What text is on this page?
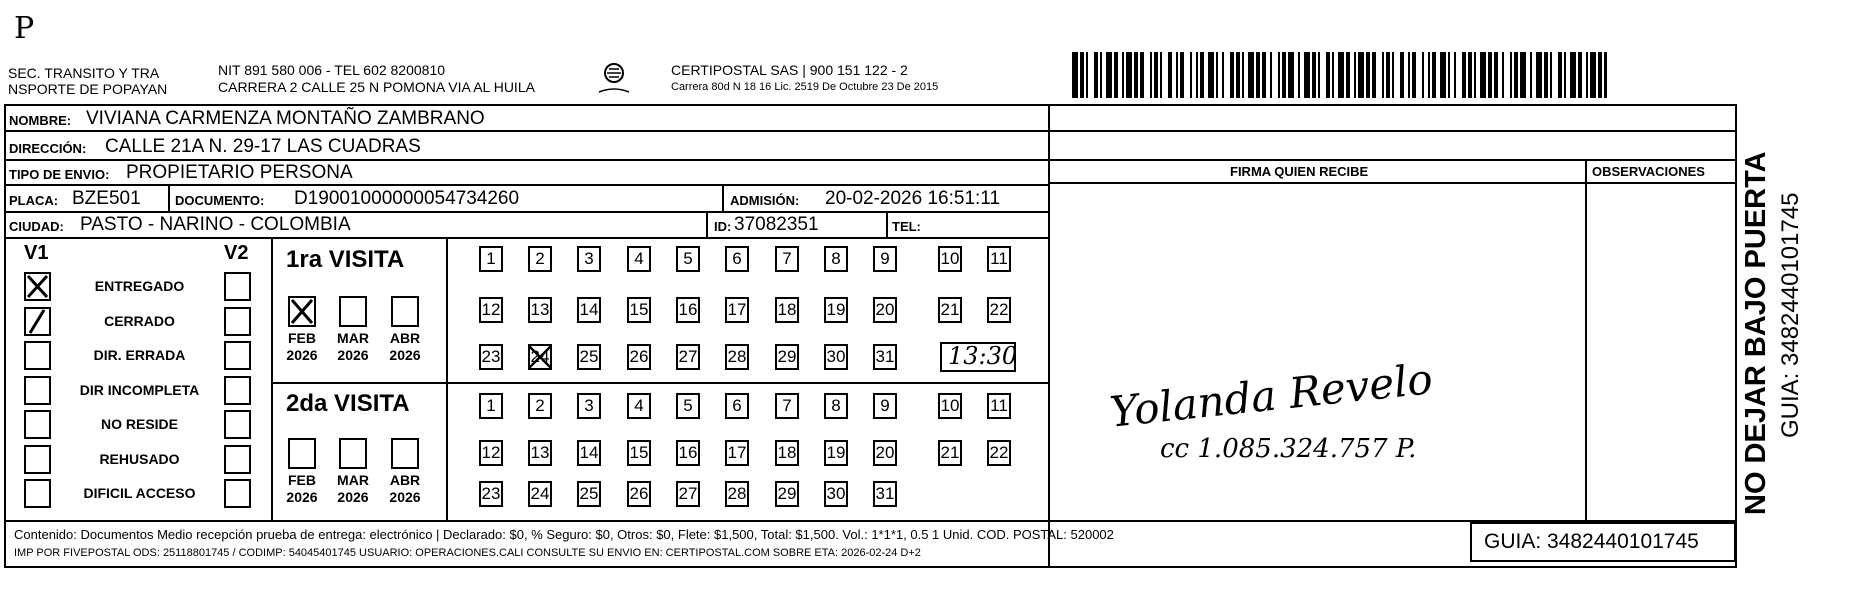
P
SEC. TRANSITO Y TRA
NSPORTE DE POPAYAN
NIT 891 580 006 - TEL 602 8200810
CARRERA 2 CALLE 25 N POMONA VIA AL HUILA
CERTIPOSTAL SAS | 900 151 122 - 2
Carrera 80d N 18 16 Lic. 2519 De Octubre 23 De 2015
NOMBRE: VIVIANA CARMENZA MONTAÑO ZAMBRANO
DIRECCIÓN: CALLE 21A N. 29-17 LAS CUADRAS
TIPO DE ENVIO: PROPIETARIO PERSONA
PLACA: BZE501	DOCUMENTO: D19001000000054734260	ADMISIÓN: 20-02-2026 16:51:11
CIUDAD: PASTO - NARINO - COLOMBIA	ID: 37082351	TEL:
V1	V2
ENTREGADO
CERRADO
DIR. ERRADA
DIR INCOMPLETA
NO RESIDE
REHUSADO
DIFICIL ACCESO
1ra VISITA
2da VISITA
FEB
2026
MAR
2026
ABR
2026
FEB
2026
MAR
2026
ABR
2026
1	2	3	4	5	6	7	8	9	10 11
12 13 14 15 16 17 18 19 20	21 22
23 24 25 26 27 28 29 30 31
1	2	3	4	5	6	7	8	9	10 11
12 13 14 15 16 17 18 19 20	21 22
23 24 25 26 27 28 29 30 31
13:30
FIRMA QUIEN RECIBE	OBSERVACIONES
Yolanda Revelo
cc 1.085.324.757 P.	NO DEJAR BAJO PUERTA GUIA: 3482440101745
Contenido: Documentos Medio recepción prueba de entrega: electrónico | Declarado: $0, % Seguro: $0, Otros: $0, Flete: $1,500, Total: $1,500. Vol.: 1*1*1, 0.5 1 Unid. COD. POSTAL: 520002
IMP POR FIVEPOSTAL ODS: 25118801745 / CODIMP: 54045401745 USUARIO: OPERACIONES.CALI CONSULTE SU ENVIO EN: CERTIPOSTAL.COM SOBRE ETA: 2026-02-24 D+2	GUIA: 3482440101745
